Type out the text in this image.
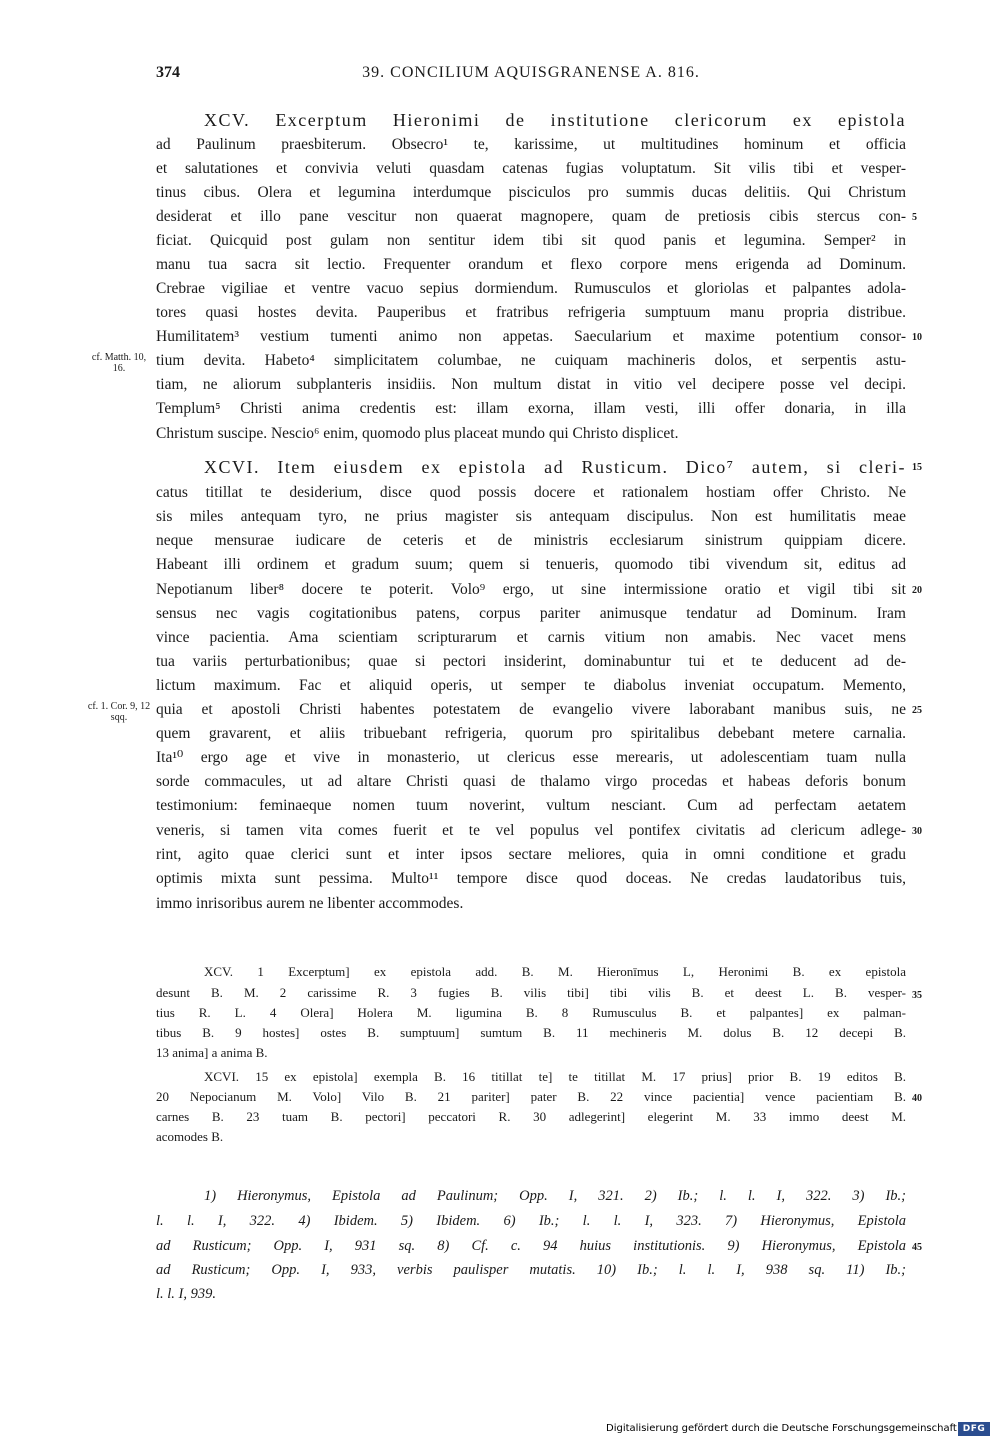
374	39. CONCILIUM AQUISGRANENSE A. 816.
XCV. Excerptum Hieronimi de institutione clericorum ex epistola
ad Paulinum praesbiterum. Obsecro¹ te, karissime, ut multitudines hominum et officia
et salutationes et convivia veluti quasdam catenas fugias voluptatum. Sit vilis tibi et vesper-
tinus cibus. Olera et legumina interdumque pisciculos pro summis ducas delitiis. Qui Christum
desiderat et illo pane vescitur non quaerat magnopere, quam de pretiosis cibis stercus con-
ficiat. Quicquid post gulam non sentitur idem tibi sit quod panis et legumina. Semper² in
manu tua sacra sit lectio. Frequenter orandum et flexo corpore mens erigenda ad Dominum.
Crebrae vigiliae et ventre vacuo sepius dormiendum. Rumusculos et gloriolas et palpantes adola-
tores quasi hostes devita. Pauperibus et fratribus refrigeria sumptuum manu propria distribue.
Humilitatem³ vestium tumenti animo non appetas. Saecularium et maxime potentium consor-
tium devita. Habeto⁴ simplicitatem columbae, ne cuiquam machineris dolos, et serpentis astu-
tiam, ne aliorum subplanteris insidiis. Non multum distat in vitio vel decipere posse vel decipi.
Templum⁵ Christi anima credentis est: illam exorna, illam vesti, illi offer donaria, in illa
Christum suscipe. Nescio⁶ enim, quomodo plus placeat mundo qui Christo displicet.
XCVI. Item eiusdem ex epistola ad Rusticum. Dico⁷ autem, si cleri-
catus titillat te desiderium, disce quod possis docere et rationalem hostiam offer Christo. Ne
sis miles antequam tyro, ne prius magister sis antequam discipulus. Non est humilitatis meae
neque mensurae iudicare de ceteris et de ministris ecclesiarum sinistrum quippiam dicere.
Habeant illi ordinem et gradum suum; quem si tenueris, quomodo tibi vivendum sit, editus ad
Nepotianum liber⁸ docere te poterit. Volo⁹ ergo, ut sine intermissione oratio et vigil tibi sit
sensus nec vagis cogitationibus patens, corpus pariter animusque tendatur ad Dominum. Iram
vince pacientia. Ama scientiam scripturarum et carnis vitium non amabis. Nec vacet mens
tua variis perturbationibus; quae si pectori insiderint, dominabuntur tui et te deducent ad de-
lictum maximum. Fac et aliquid operis, ut semper te diabolus inveniat occupatum. Memento,
quia et apostoli Christi habentes potestatem de evangelio vivere laborabant manibus suis, ne
quem gravarent, et aliis tribuebant refrigeria, quorum pro spiritalibus debebant metere carnalia.
Ita¹⁰ ergo age et vive in monasterio, ut clericus esse merearis, ut adolescentiam tuam nulla
sorde commacules, ut ad altare Christi quasi de thalamo virgo procedas et habeas deforis bonum
testimonium: feminaeque nomen tuum noverint, vultum nesciant. Cum ad perfectam aetatem
veneris, si tamen vita comes fuerit et te vel populus vel pontifex civitatis ad clericum adlege-
rint, agito quae clerici sunt et inter ipsos sectare meliores, quia in omni conditione et gradu
optimis mixta sunt pessima. Multo¹¹ tempore disce quod doceas. Ne credas laudatoribus tuis,
immo inrisoribus aurem ne libenter accommodes.
5
10
15
20
25
30
35
40
45
cf. Matth. 10, 16.
cf. 1. Cor. 9, 12 sqq.
XCV. 1 Excerptum] ex epistola add. B. M. Hieronīmus L, Heronimi B. ex epistola
desunt B. M. 2 carissime R. 3 fugies B. vilis tibi] tibi vilis B. et deest L. B. vesper-
tius R. L. 4 Olera] Holera M. ligumina B. 8 Rumusculus B. et palpantes] ex palman-
tibus B. 9 hostes] ostes B. sumptuum] sumtum B. 11 mechineris M. dolus B. 12 decepi B.
13 anima] a anima B.
XCVI. 15 ex epistola] exempla B. 16 titillat te] te titillat M. 17 prius] prior B. 19 editos B.
20 Nepocianum M. Volo] Vilo B. 21 pariter] pater B. 22 vince pacientia] vence pacientiam B.
carnes B. 23 tuam B. pectori] peccatori R. 30 adlegerint] elegerint M. 33 immo deest M.
acomodes B.
1) Hieronymus, Epistola ad Paulinum; Opp. I, 321. 2) Ib.; l. l. I, 322. 3) Ib.;
l. l. I, 322. 4) Ibidem. 5) Ibidem. 6) Ib.; l. l. I, 323. 7) Hieronymus, Epistola
ad Rusticum; Opp. I, 931 sq. 8) Cf. c. 94 huius institutionis. 9) Hieronymus, Epistola
ad Rusticum; Opp. I, 933, verbis paulisper mutatis. 10) Ib.; l. l. I, 938 sq. 11) Ib.;
l. l. I, 939.
Digitalisierung gefördert durch die Deutsche Forschungsgemeinschaft DFG
